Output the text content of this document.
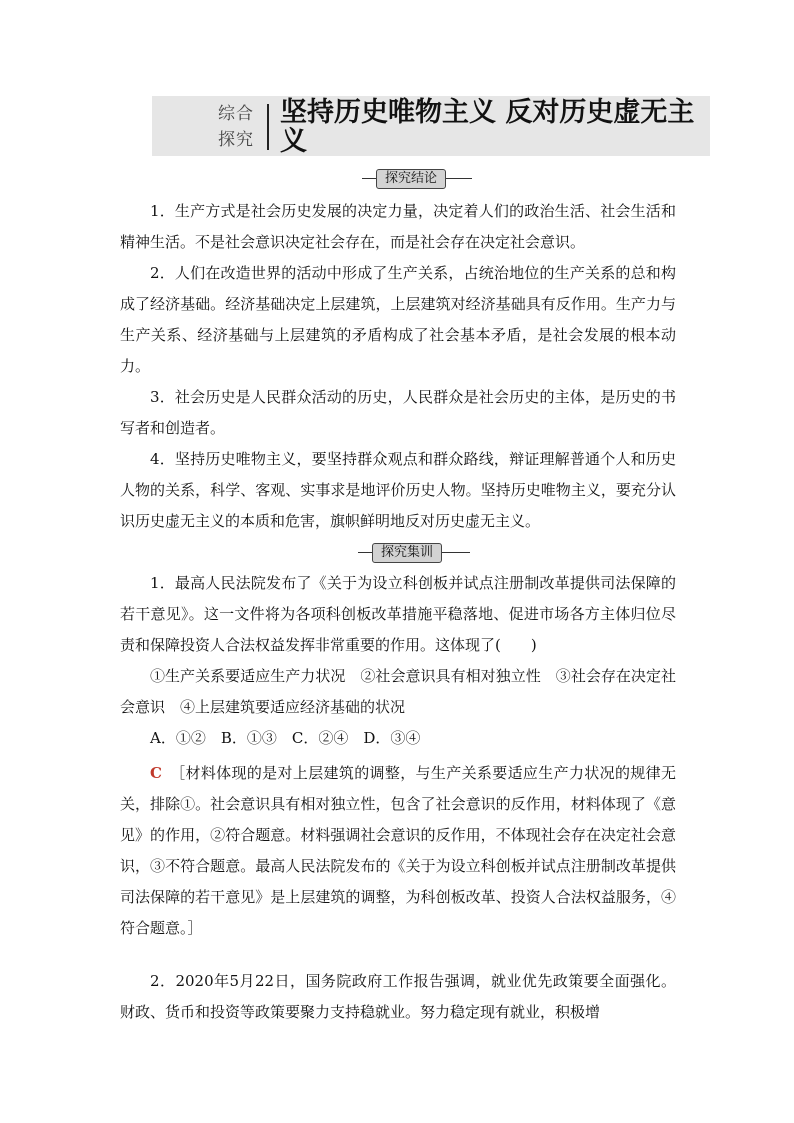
综合
探究
坚持历史唯物主义 反对历史虚无主义
探究结论

1．生产方式是社会历史发展的决定力量，决定着人们的政治生活、社会生活和精神生活。不是社会意识决定社会存在，而是社会存在决定社会意识。

2．人们在改造世界的活动中形成了生产关系，占统治地位的生产关系的总和构成了经济基础。经济基础决定上层建筑，上层建筑对经济基础具有反作用。生产力与生产关系、经济基础与上层建筑的矛盾构成了社会基本矛盾，是社会发展的根本动力。

3．社会历史是人民群众活动的历史，人民群众是社会历史的主体，是历史的书写者和创造者。

4．坚持历史唯物主义，要坚持群众观点和群众路线，辩证理解普通个人和历史人物的关系，科学、客观、实事求是地评价历史人物。坚持历史唯物主义，要充分认识历史虚无主义的本质和危害，旗帜鲜明地反对历史虚无主义。

探究集训

1．最高人民法院发布了《关于为设立科创板并试点注册制改革提供司法保障的若干意见》。这一文件将为各项科创板改革措施平稳落地、促进市场各方主体归位尽责和保障投资人合法权益发挥非常重要的作用。这体现了(　　)

①生产关系要适应生产力状况　②社会意识具有相对独立性　③社会存在决定社会意识　④上层建筑要适应经济基础的状况

A．①②　B．①③　C．②④　D．③④

C　 ［材料体现的是对上层建筑的调整，与生产关系要适应生产力状况的规律无关，排除①。社会意识具有相对独立性，包含了社会意识的反作用，材料体现了《意见》的作用，②符合题意。材料强调社会意识的反作用，不体现社会存在决定社会意识，③不符合题意。最高人民法院发布的《关于为设立科创板并试点注册制改革提供司法保障的若干意见》是上层建筑的调整，为科创板改革、投资人合法权益服务，④符合题意。］

2．2020年5月22日，国务院政府工作报告强调，就业优先政策要全面强化。财政、货币和投资等政策要聚力支持稳就业。努力稳定现有就业，积极增
